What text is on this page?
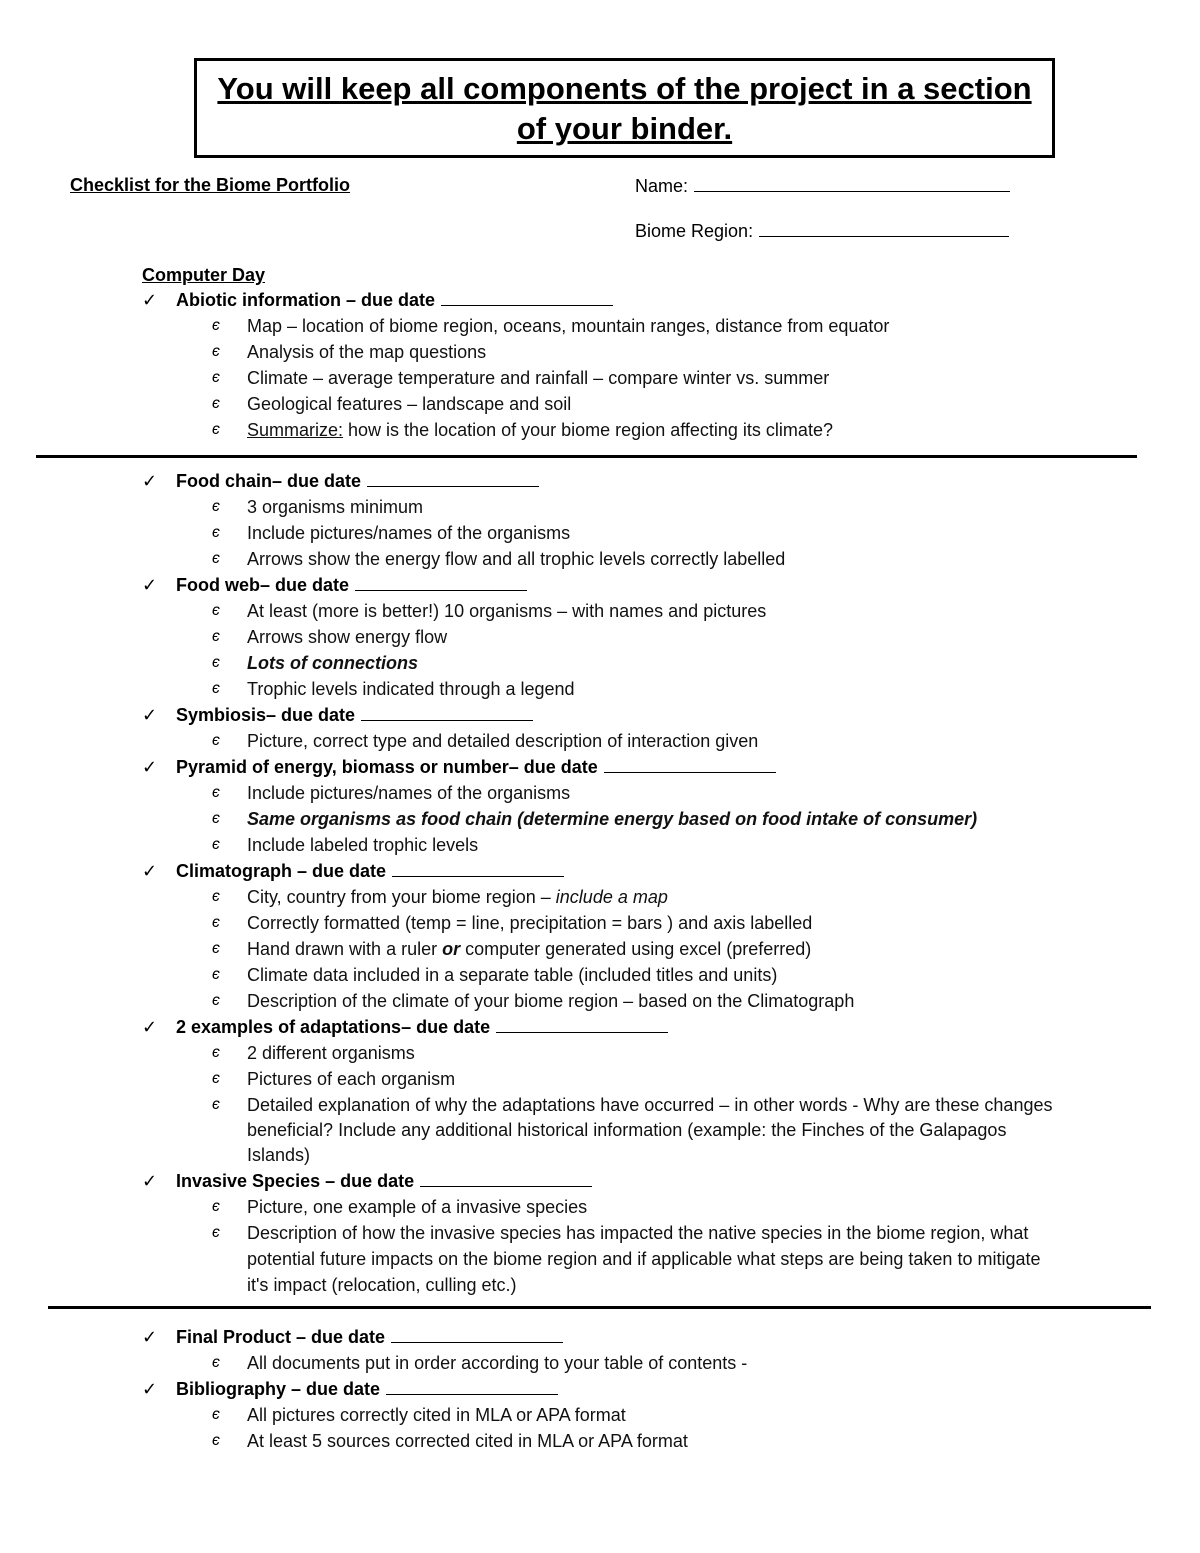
You will keep all components of the project in a section
of your binder.
Checklist for the Biome Portfolio	Name:
Biome Region:
Computer Day
✓ Abiotic information – due date
є Map – location of biome region, oceans, mountain ranges, distance from equator
є Analysis of the map questions
є Climate – average temperature and rainfall – compare winter vs. summer
є Geological features – landscape and soil
є Summarize: how is the location of your biome region affecting its climate?
✓ Food chain– due date
є 3 organisms minimum
є Include pictures/names of the organisms
є Arrows show the energy flow and all trophic levels correctly labelled
✓ Food web– due date
є At least (more is better!) 10 organisms – with names and pictures
є Arrows show energy flow
є Lots of connections
є Trophic levels indicated through a legend
✓ Symbiosis– due date
є Picture, correct type and detailed description of interaction given
✓ Pyramid of energy, biomass or number– due date
є Include pictures/names of the organisms
є Same organisms as food chain (determine energy based on food intake of consumer)
є Include labeled trophic levels
✓ Climatograph – due date
є City, country from your biome region – include a map
є Correctly formatted (temp = line, precipitation = bars ) and axis labelled
є Hand drawn with a ruler or computer generated using excel (preferred)
є Climate data included in a separate table (included titles and units)
є Description of the climate of your biome region – based on the Climatograph
✓ 2 examples of adaptations– due date
є 2 different organisms
є Pictures of each organism
є Detailed explanation of why the adaptations have occurred – in other words - Why are these changes
beneficial? Include any additional historical information (example: the Finches of the Galapagos
Islands)
✓ Invasive Species – due date
є Picture, one example of a invasive species
є Description of how the invasive species has impacted the native species in the biome region, what
potential future impacts on the biome region and if applicable what steps are being taken to mitigate
it's impact (relocation, culling etc.)
✓ Final Product – due date
є All documents put in order according to your table of contents -
✓ Bibliography – due date
є All pictures correctly cited in MLA or APA format
є At least 5 sources corrected cited in MLA or APA format
